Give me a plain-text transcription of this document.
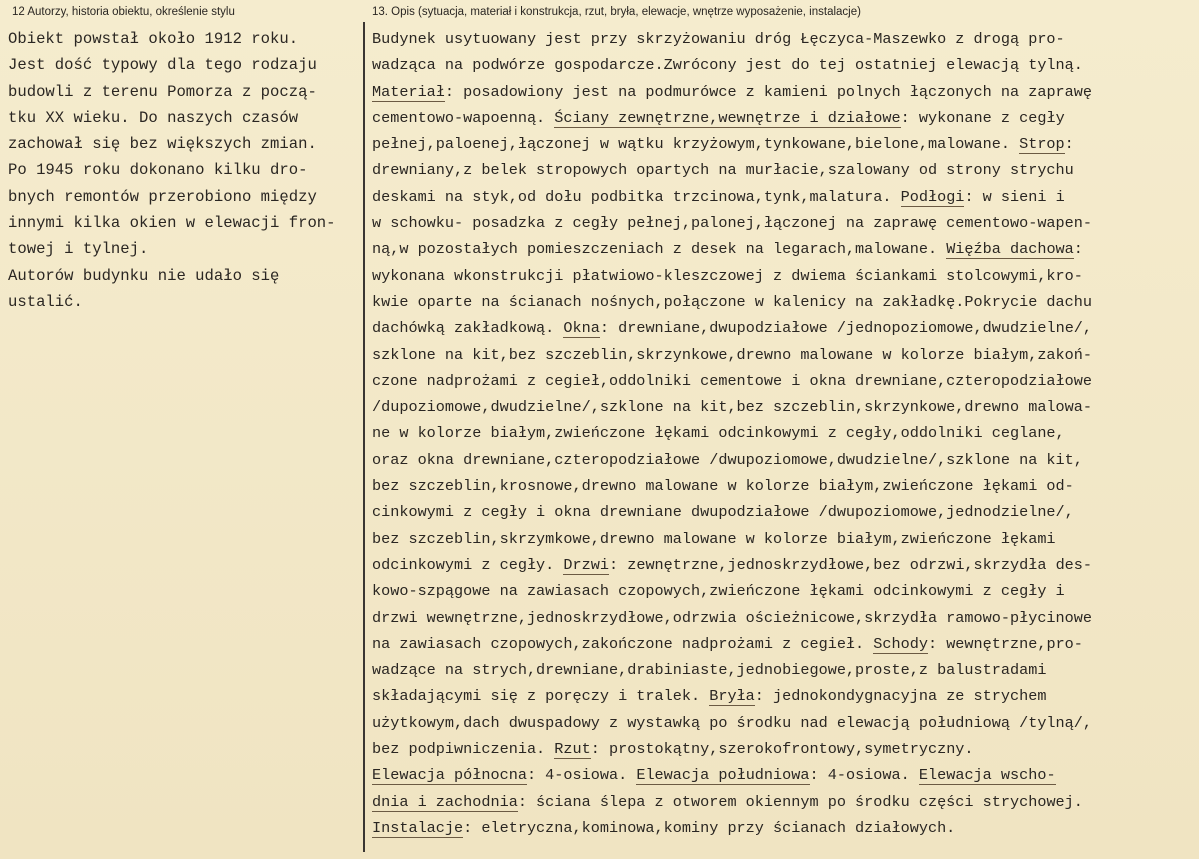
12 Autorzy, historia obiektu, określenie stylu	13. Opis (sytuacja, materiał i konstrukcja, rzut, bryła, elewacje, wnętrze wyposażenie, instalacje)
Obiekt powstał około 1912 roku.
Jest dość typowy dla tego rodzaju
budowli z terenu Pomorza z począ-
tku XX wieku. Do naszych czasów
zachował się bez większych zmian.
Po 1945 roku dokonano kilku dro-
bnych remontów przerobiono między
innymi kilka okien w elewacji fron-
towej i tylnej.
Autorów budynku nie udało się
ustalić.
Budynek usytuowany jest przy skrzyżowaniu dróg Łęczyca-Maszewko z drogą pro-
wadząca na podwórze gospodarcze.Zwrócony jest do tej ostatniej elewacją tylną.
Materiał: posadowiony jest na podmurówce z kamieni polnych łączonych na zaprawę
cementowo-wapoenną. Ściany zewnętrzne,wewnętrze i działowe: wykonane z cegły
pełnej,paloenej,łączonej w wątku krzyżowym,tynkowane,bielone,malowane. Strop:
drewniany,z belek stropowych opartych na murłacie,szalowany od strony strychu
deskami na styk,od dołu podbitka trzcinowa,tynk,malatura. Podłogi: w sieni i
w schowku- posadzka z cegły pełnej,palonej,łączonej na zaprawę cementowo-wapen-
ną,w pozostałych pomieszczeniach z desek na legarach,malowane. Więźba dachowa:
wykonana wkonstrukcji płatwiowo-kleszczowej z dwiema ściankami stolcowymi,kro-
kwie oparte na ścianach nośnych,połączone w kalenicy na zakładkę.Pokrycie dachu
dachówką zakładkową. Okna: drewniane,dwupodziałowe /jednopoziomowe,dwudzielne/,
szklone na kit,bez szczeblin,skrzynkowe,drewno malowane w kolorze białym,zakoń-
czone nadprożami z cegieł,oddolniki cementowe i okna drewniane,czteropodziałowe
/dupoziomowe,dwudzielne/,szklone na kit,bez szczeblin,skrzynkowe,drewno malowa-
ne w kolorze białym,zwieńczone łękami odcinkowymi z cegły,oddolniki ceglane,
oraz okna drewniane,czteropodziałowe /dwupoziomowe,dwudzielne/,szklone na kit,
bez szczeblin,krosnowe,drewno malowane w kolorze białym,zwieńczone łękami od-
cinkowymi z cegły i okna drewniane dwupodziałowe /dwupoziomowe,jednodzielne/,
bez szczeblin,skrzymkowe,drewno malowane w kolorze białym,zwieńczone łękami
odcinkowymi z cegły. Drzwi: zewnętrzne,jednoskrzydłowe,bez odrzwi,skrzydła des-
kowo-szpągowe na zawiasach czopowych,zwieńczone łękami odcinkowymi z cegły i
drzwi wewnętrzne,jednoskrzydłowe,odrzwia ościeżnicowe,skrzydła ramowo-płycinowe
na zawiasach czopowych,zakończone nadprożami z cegieł. Schody: wewnętrzne,pro-
wadzące na strych,drewniane,drabiniaste,jednobiegowe,proste,z balustradami
składającymi się z poręczy i tralek. Bryła: jednokondygnacyjna ze strychem
użytkowym,dach dwuspadowy z wystawką po środku nad elewacją południową /tylną/,
bez podpiwniczenia. Rzut: prostokątny,szerokofrontowy,symetryczny.
Elewacja północna: 4-osiowa. Elewacja południowa: 4-osiowa. Elewacja wscho-
dnia i zachodnia: ściana ślepa z otworem okiennym po środku części strychowej.
Instalacje: eletryczna,kominowa,kominy przy ścianach działowych.
